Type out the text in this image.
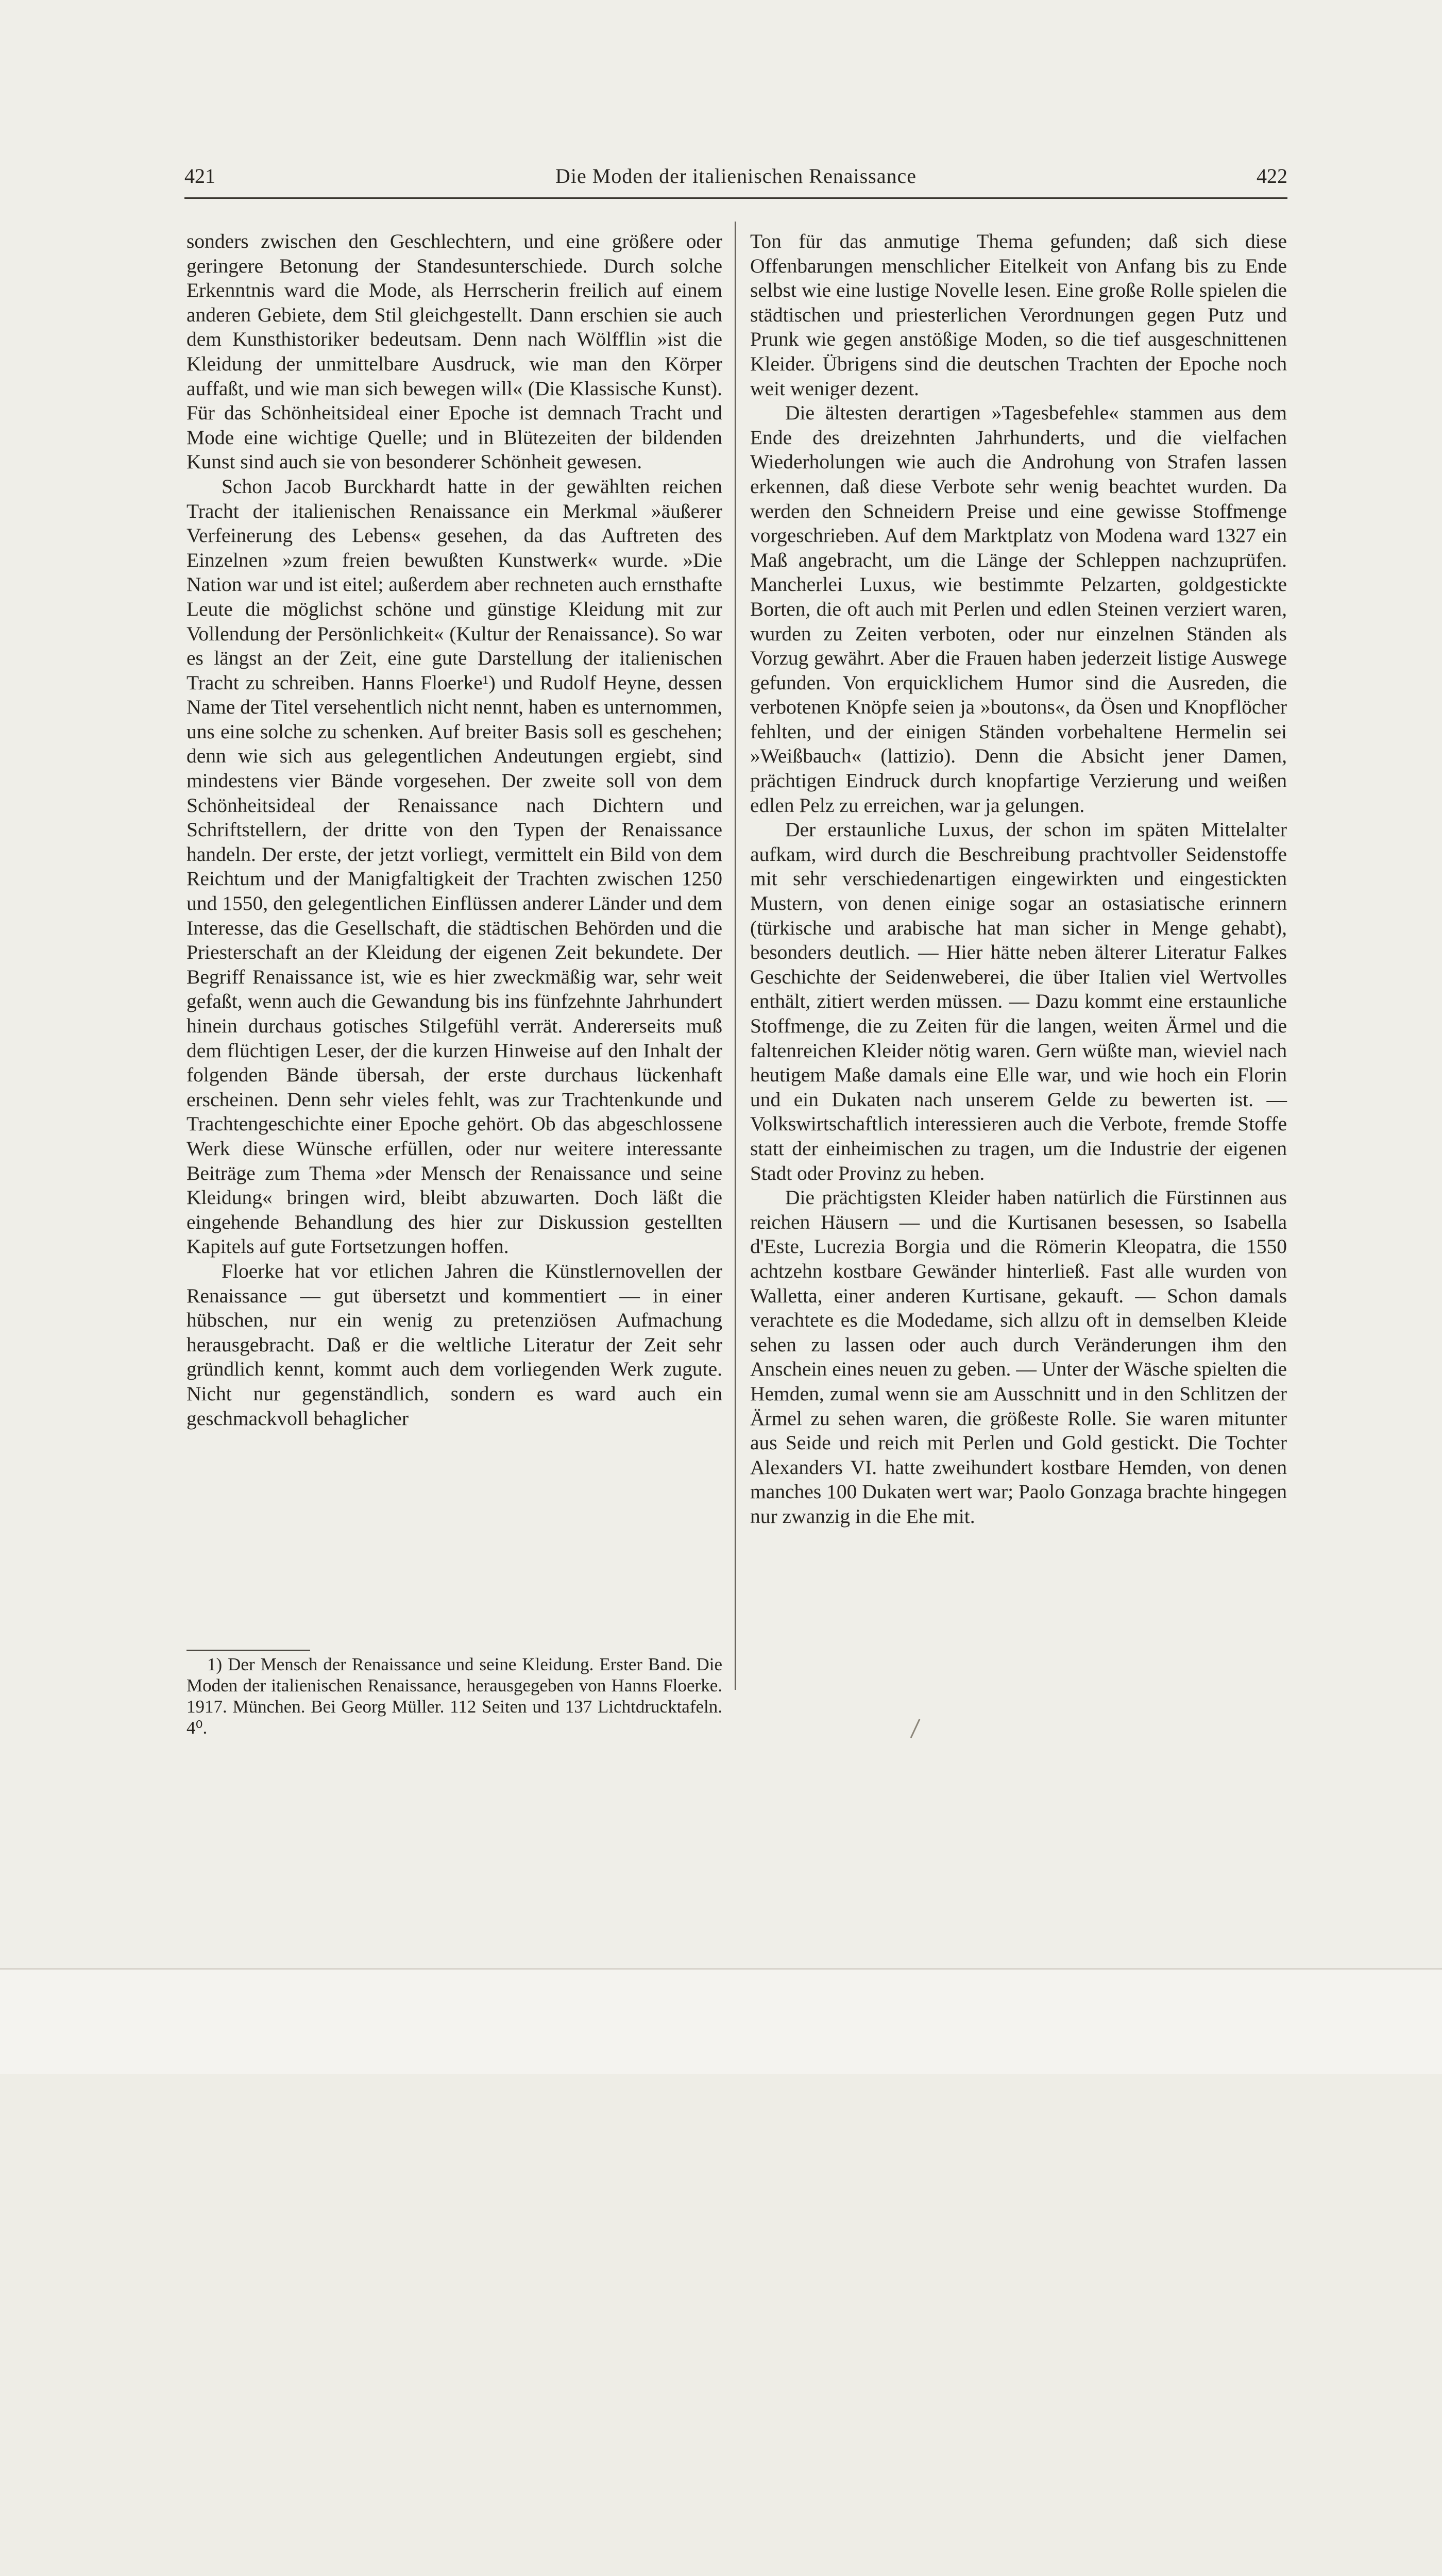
421	Die Moden der italienischen Renaissance	422

sonders zwischen den Geschlechtern, und eine größere oder geringere Betonung der Standesunterschiede. Durch solche Erkenntnis ward die Mode, als Herrscherin freilich auf einem anderen Gebiete, dem Stil gleichgestellt. Dann erschien sie auch dem Kunsthistoriker bedeutsam. Denn nach Wölfflin »ist die Kleidung der unmittelbare Ausdruck, wie man den Körper auffaßt, und wie man sich bewegen will« (Die Klassische Kunst). Für das Schönheitsideal einer Epoche ist demnach Tracht und Mode eine wichtige Quelle; und in Blütezeiten der bildenden Kunst sind auch sie von besonderer Schönheit gewesen.

Schon Jacob Burckhardt hatte in der gewählten reichen Tracht der italienischen Renaissance ein Merkmal »äußerer Verfeinerung des Lebens« gesehen, da das Auftreten des Einzelnen »zum freien bewußten Kunstwerk« wurde. »Die Nation war und ist eitel; außerdem aber rechneten auch ernsthafte Leute die möglichst schöne und günstige Kleidung mit zur Vollendung der Persönlichkeit« (Kultur der Renaissance). So war es längst an der Zeit, eine gute Darstellung der italienischen Tracht zu schreiben. Hanns Floerke¹) und Rudolf Heyne, dessen Name der Titel versehentlich nicht nennt, haben es unternommen, uns eine solche zu schenken. Auf breiter Basis soll es geschehen; denn wie sich aus gelegentlichen Andeutungen ergiebt, sind mindestens vier Bände vorgesehen. Der zweite soll von dem Schönheitsideal der Renaissance nach Dichtern und Schriftstellern, der dritte von den Typen der Renaissance handeln. Der erste, der jetzt vorliegt, vermittelt ein Bild von dem Reichtum und der Manigfaltigkeit der Trachten zwischen 1250 und 1550, den gelegentlichen Einflüssen anderer Länder und dem Interesse, das die Gesellschaft, die städtischen Behörden und die Priesterschaft an der Kleidung der eigenen Zeit bekundete. Der Begriff Renaissance ist, wie es hier zweckmäßig war, sehr weit gefaßt, wenn auch die Gewandung bis ins fünfzehnte Jahrhundert hinein durchaus gotisches Stilgefühl verrät. Andererseits muß dem flüchtigen Leser, der die kurzen Hinweise auf den Inhalt der folgenden Bände übersah, der erste durchaus lückenhaft erscheinen. Denn sehr vieles fehlt, was zur Trachtenkunde und Trachtengeschichte einer Epoche gehört. Ob das abgeschlossene Werk diese Wünsche erfüllen, oder nur weitere interessante Beiträge zum Thema »der Mensch der Renaissance und seine Kleidung« bringen wird, bleibt abzuwarten. Doch läßt die eingehende Behandlung des hier zur Diskussion gestellten Kapitels auf gute Fortsetzungen hoffen.

Floerke hat vor etlichen Jahren die Künstlernovellen der Renaissance — gut übersetzt und kommentiert — in einer hübschen, nur ein wenig zu pretenziösen Aufmachung herausgebracht. Daß er die weltliche Literatur der Zeit sehr gründlich kennt, kommt auch dem vorliegenden Werk zugute. Nicht nur gegenständlich, sondern es ward auch ein geschmackvoll behaglicher

1) Der Mensch der Renaissance und seine Kleidung. Erster Band. Die Moden der italienischen Renaissance, herausgegeben von Hanns Floerke. 1917. München. Bei Georg Müller. 112 Seiten und 137 Lichtdrucktafeln. 4⁰.

Ton für das anmutige Thema gefunden; daß sich diese Offenbarungen menschlicher Eitelkeit von Anfang bis zu Ende selbst wie eine lustige Novelle lesen. Eine große Rolle spielen die städtischen und priesterlichen Verordnungen gegen Putz und Prunk wie gegen anstößige Moden, so die tief ausgeschnittenen Kleider. Übrigens sind die deutschen Trachten der Epoche noch weit weniger dezent.

Die ältesten derartigen »Tagesbefehle« stammen aus dem Ende des dreizehnten Jahrhunderts, und die vielfachen Wiederholungen wie auch die Androhung von Strafen lassen erkennen, daß diese Verbote sehr wenig beachtet wurden. Da werden den Schneidern Preise und eine gewisse Stoffmenge vorgeschrieben. Auf dem Marktplatz von Modena ward 1327 ein Maß angebracht, um die Länge der Schleppen nachzuprüfen. Mancherlei Luxus, wie bestimmte Pelzarten, goldgestickte Borten, die oft auch mit Perlen und edlen Steinen verziert waren, wurden zu Zeiten verboten, oder nur einzelnen Ständen als Vorzug gewährt. Aber die Frauen haben jederzeit listige Auswege gefunden. Von erquicklichem Humor sind die Ausreden, die verbotenen Knöpfe seien ja »boutons«, da Ösen und Knopflöcher fehlten, und der einigen Ständen vorbehaltene Hermelin sei »Weißbauch« (lattizio). Denn die Absicht jener Damen, prächtigen Eindruck durch knopfartige Verzierung und weißen edlen Pelz zu erreichen, war ja gelungen.

Der erstaunliche Luxus, der schon im späten Mittelalter aufkam, wird durch die Beschreibung prachtvoller Seidenstoffe mit sehr verschiedenartigen eingewirkten und eingestickten Mustern, von denen einige sogar an ostasiatische erinnern (türkische und arabische hat man sicher in Menge gehabt), besonders deutlich. — Hier hätte neben älterer Literatur Falkes Geschichte der Seidenweberei, die über Italien viel Wertvolles enthält, zitiert werden müssen. — Dazu kommt eine erstaunliche Stoffmenge, die zu Zeiten für die langen, weiten Ärmel und die faltenreichen Kleider nötig waren. Gern wüßte man, wieviel nach heutigem Maße damals eine Elle war, und wie hoch ein Florin und ein Dukaten nach unserem Gelde zu bewerten ist. — Volkswirtschaftlich interessieren auch die Verbote, fremde Stoffe statt der einheimischen zu tragen, um die Industrie der eigenen Stadt oder Provinz zu heben.

Die prächtigsten Kleider haben natürlich die Fürstinnen aus reichen Häusern — und die Kurtisanen besessen, so Isabella d'Este, Lucrezia Borgia und die Römerin Kleopatra, die 1550 achtzehn kostbare Gewänder hinterließ. Fast alle wurden von Walletta, einer anderen Kurtisane, gekauft. — Schon damals verachtete es die Modedame, sich allzu oft in demselben Kleide sehen zu lassen oder auch durch Veränderungen ihm den Anschein eines neuen zu geben. — Unter der Wäsche spielten die Hemden, zumal wenn sie am Ausschnitt und in den Schlitzen der Ärmel zu sehen waren, die größeste Rolle. Sie waren mitunter aus Seide und reich mit Perlen und Gold gestickt. Die Tochter Alexanders VI. hatte zweihundert kostbare Hemden, von denen manches 100 Dukaten wert war; Paolo Gonzaga brachte hingegen nur zwanzig in die Ehe mit.
